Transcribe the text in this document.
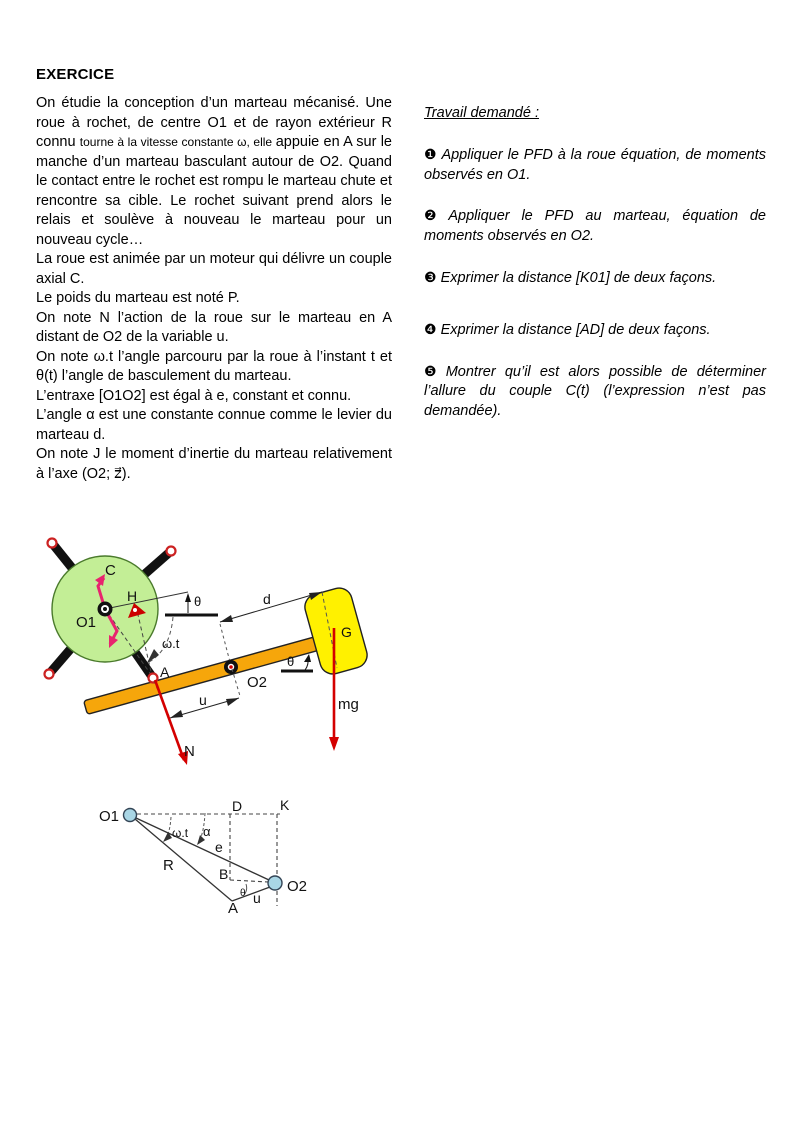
EXERCICE

On étudie la conception d’un marteau mécanisé. Une roue à rochet, de centre O1 et de rayon extérieur R connu tourne à la vitesse constante ω, elle appuie en A sur le manche d’un marteau basculant autour de O2. Quand le contact entre le rochet est rompu le marteau chute et rencontre sa cible. Le rochet suivant prend alors le relais et soulève à nouveau le marteau pour un nouveau cycle…

La roue est animée par un moteur qui délivre un couple axial C.

Le poids du marteau est noté P.

On note N l’action de la roue sur le marteau en A distant de O2 de la variable u.

On note ω.t l’angle parcouru par la roue à l’instant t et θ(t) l’angle de basculement du marteau.

L’entraxe [O1O2] est égal à e, constant et connu.

L’angle α est une constante connue comme le levier du marteau d.

On note J le moment d’inertie du marteau relativement à l’axe (O2; z⃗).

Travail demandé :

❶ Appliquer le PFD à la roue équation, de moments observés en O1.

❷ Appliquer le PFD au marteau, équation de moments observés en O2.

❸ Exprimer la distance [K01] de deux façons.

❹ Exprimer la distance [AD] de deux façons.

❺ Montrer qu’il est alors possible de déterminer l’allure du couple C(t) (l’expression n’est pas demandée).

C
H
O1
θ
ω.t
A
d
O2
θ
u
G
mg
N
O1
D	K
ω.t α
e
R	B
θ
A
u
O2
